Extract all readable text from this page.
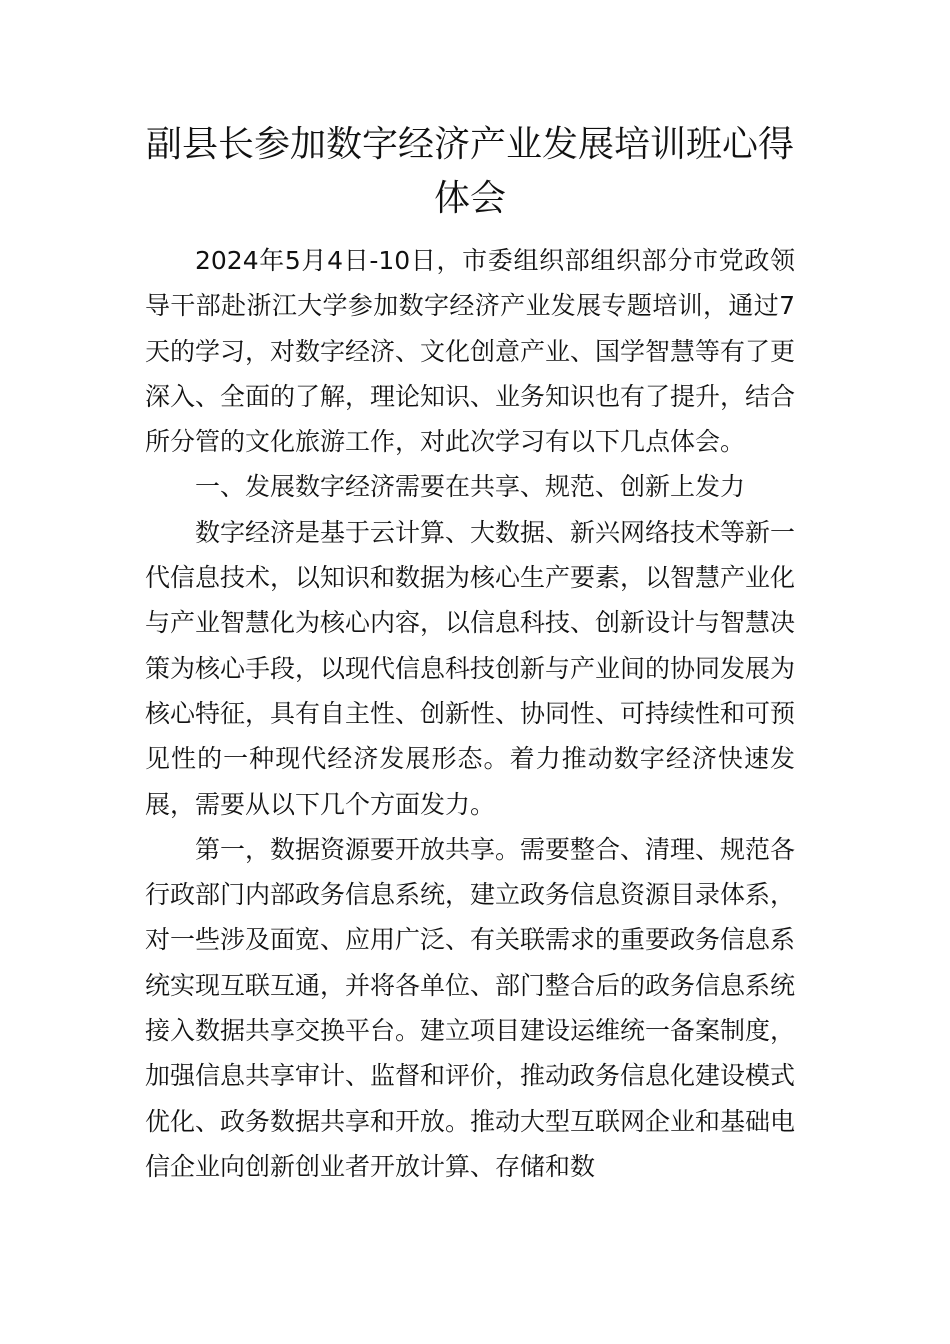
副县长参加数字经济产业发展培训班心得体会

2024年5月4日-10日，市委组织部组织部分市党政领导干部赴浙江大学参加数字经济产业发展专题培训，通过7天的学习，对数字经济、文化创意产业、国学智慧等有了更深入、全面的了解，理论知识、业务知识也有了提升，结合所分管的文化旅游工作，对此次学习有以下几点体会。

一、发展数字经济需要在共享、规范、创新上发力

数字经济是基于云计算、大数据、新兴网络技术等新一代信息技术，以知识和数据为核心生产要素，以智慧产业化与产业智慧化为核心内容，以信息科技、创新设计与智慧决策为核心手段，以现代信息科技创新与产业间的协同发展为核心特征，具有自主性、创新性、协同性、可持续性和可预见性的一种现代经济发展形态。着力推动数字经济快速发展，需要从以下几个方面发力。

第一，数据资源要开放共享。需要整合、清理、规范各行政部门内部政务信息系统，建立政务信息资源目录体系，对一些涉及面宽、应用广泛、有关联需求的重要政务信息系统实现互联互通，并将各单位、部门整合后的政务信息系统接入数据共享交换平台。建立项目建设运维统一备案制度，加强信息共享审计、监督和评价，推动政务信息化建设模式优化、政务数据共享和开放。推动大型互联网企业和基础电信企业向创新创业者开放计算、存储和数
